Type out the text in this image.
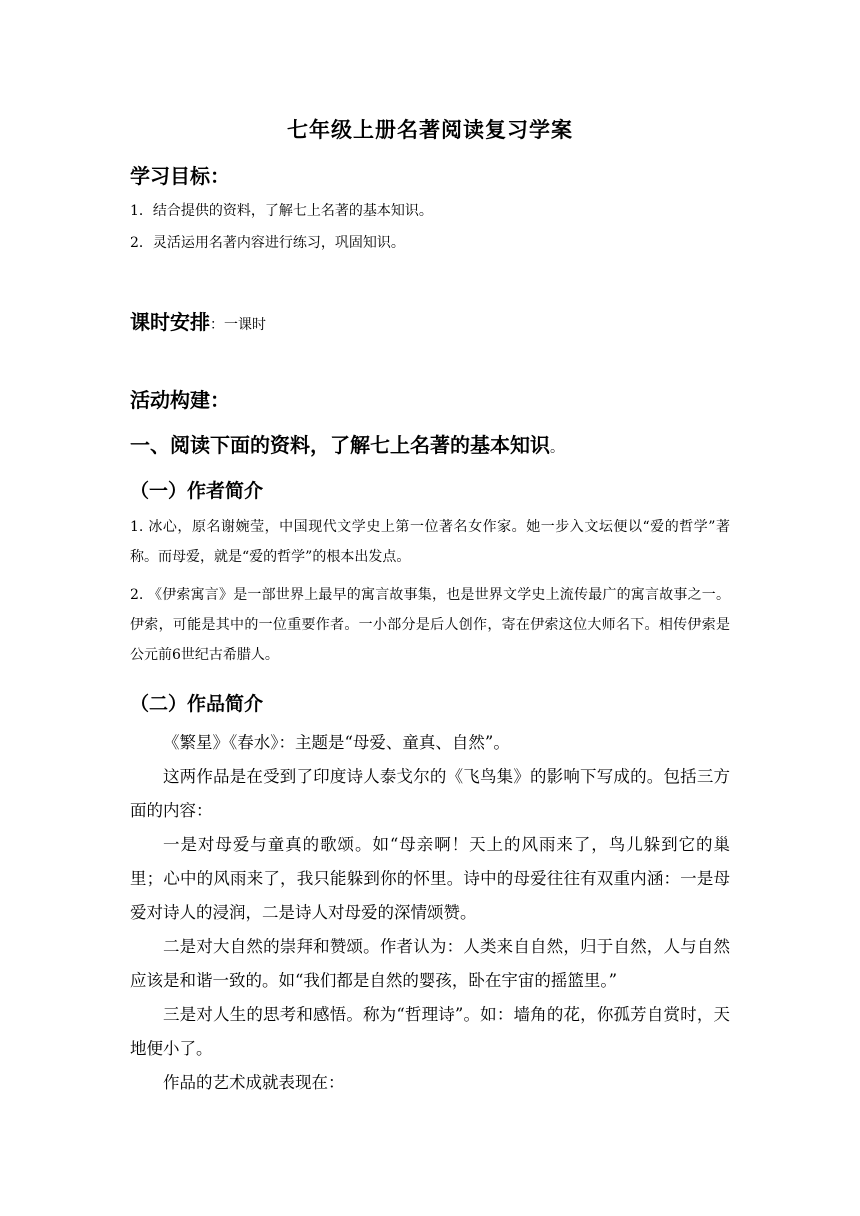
七年级上册名著阅读复习学案
学习目标：
1．结合提供的资料，了解七上名著的基本知识。
2．灵活运用名著内容进行练习，巩固知识。
课时安排：一课时
活动构建：
一、阅读下面的资料，了解七上名著的基本知识。
（一）作者简介
1. 冰心，原名谢婉莹，中国现代文学史上第一位著名女作家。她一步入文坛便以“爱的哲学”著称。而母爱，就是“爱的哲学”的根本出发点。
2. 《伊索寓言》是一部世界上最早的寓言故事集，也是世界文学史上流传最广的寓言故事之一。伊索，可能是其中的一位重要作者。一小部分是后人创作，寄在伊索这位大师名下。相传伊索是公元前6世纪古希腊人。
（二）作品简介
《繁星》《春水》：主题是“母爱、童真、自然”。
这两作品是在受到了印度诗人泰戈尔的《飞鸟集》的影响下写成的。包括三方面的内容：
一是对母爱与童真的歌颂。如“母亲啊！天上的风雨来了，鸟儿躲到它的巢里；心中的风雨来了，我只能躲到你的怀里。诗中的母爱往往有双重内涵：一是母爱对诗人的浸润，二是诗人对母爱的深情颂赞。
二是对大自然的崇拜和赞颂。作者认为：人类来自自然，归于自然，人与自然应该是和谐一致的。如“我们都是自然的婴孩，卧在宇宙的摇篮里。”
三是对人生的思考和感悟。称为“哲理诗”。如：墙角的花，你孤芳自赏时，天地便小了。
作品的艺术成就表现在：
